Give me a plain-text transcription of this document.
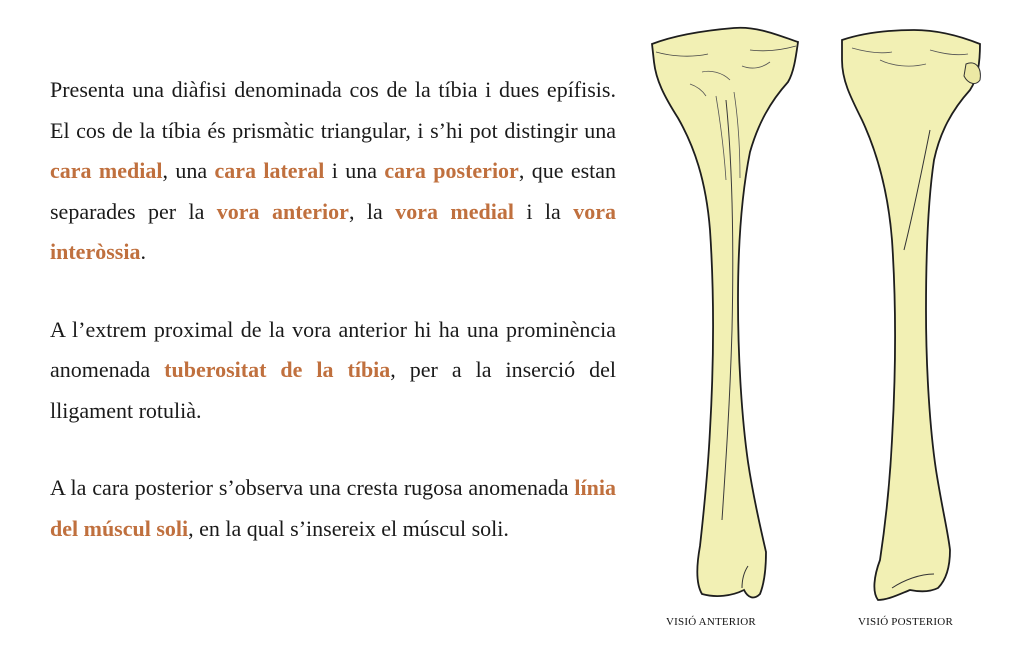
Presenta una diàfisi denominada cos de la tíbia i dues epífisis. El cos de la tíbia és prismàtic triangular, i s’hi pot distingir una cara medial, una cara lateral i una cara posterior, que estan separades per la vora anterior, la vora medial i la vora interòssia.

A l’extrem proximal de la vora anterior hi ha una prominència anomenada tuberositat de la tíbia, per a la inserció del lligament rotulià.

A la cara posterior s’observa una cresta rugosa anomenada línia del múscul soli, en la qual s’insereix el múscul soli.

VISIÓ ANTERIOR	VISIÓ POSTERIOR
